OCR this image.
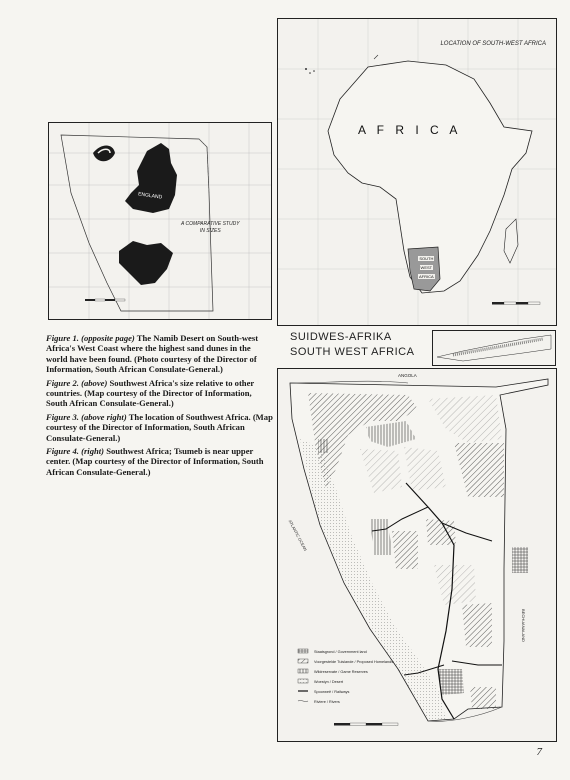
ENGLAND
A COMPARATIVE STUDY
IN SIZES
LOCATION OF SOUTH-WEST AFRICA
A F R I C A
SOUTH
WEST
AFRICA

Figure 1. (opposite page) The Namib Desert on South-west Africa's West Coast where the highest sand dunes in the world have been found. (Photo courtesy of the Director of Information, South African Consulate-General.)

Figure 2. (above) Southwest Africa's size relative to other countries. (Map courtesy of the Director of Information, South African Consulate-General.)

Figure 3. (above right) The location of Southwest Africa. (Map courtesy of the Director of Information, South African Consulate-General.)

Figure 4. (right) Southwest Africa; Tsumeb is near upper center. (Map courtesy of the Director of Information, South African Consulate-General.)

SUIDWES-AFRIKA
SOUTH WEST AFRICA
ANGOLA
BECHUANALAND
ATLANTIC OCEAN
Staatsgrond / Government land
Voorgestelde Tuislande / Proposed Homelands
Wildreservate / Game Reserves
Woestyn / Desert
Spoorweë / Railways
Riviere / Rivers
7
